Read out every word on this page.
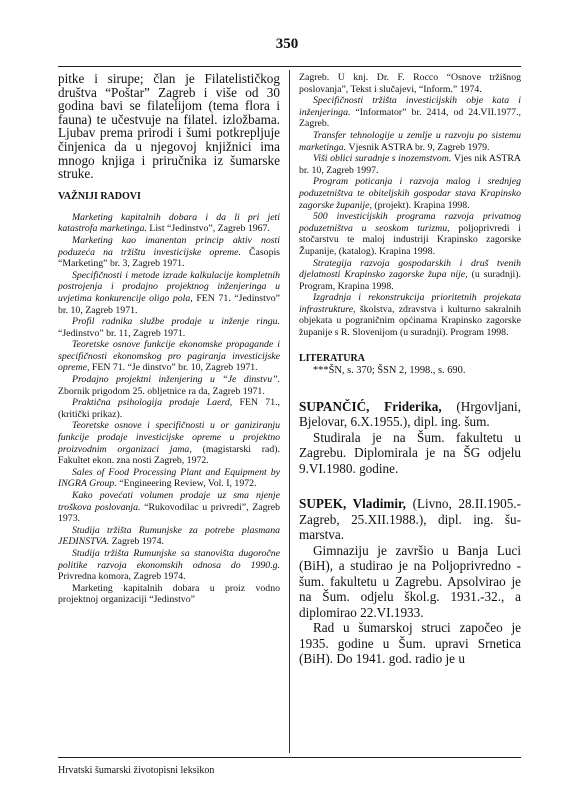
350

pitke i sirupe; član je Filatelističkog društva “Poštar” Zagreb i više od 30 godina bavi se filatelijom (tema flora i fauna) te učestvuje na filatel. izložbama. Ljubav prema prirodi i šumi potkrepljuje činjenica da u njegovoj knjižnici ima mnogo knjiga i priručnika iz šumarske struke.

VAŽNIJI RADOVI

Marketing kapitalnih dobara i da li pri jeti katastrofa marketinga. List “Jedinstvo”, Zagreb 1967.

Marketing kao imanentan princip aktiv nosti poduzeća na tržištu investicijske opreme. Časopis “Marketing” br. 3, Zagreb 1971.

Specifičnosti i metode izrade kalkulacije kompletnih postrojenja i prodajno projektnog inženjeringa u uvjetima konkurencije oligo pola, FEN 71. “Jedinstvo” br. 10, Zagreb 1971.

Profil radnika službe prodaje u inženje ringu. “Jedinstvo” br. 11, Zagreb 1971.

Teoretske osnove funkcije ekonomske propagande i specifičnosti ekonomskog pro pagiranja investicijske opreme, FEN 71. “Je dinstvo” br. 10, Zagreb 1971.

Prodajno projektni inženjering u “Je dinstvu”. Zbornik prigodom 25. obljetnice ra da, Zagreb 1971.

Praktična psihologija prodaje Laerd, FEN 71., (kritički prikaz).

Teoretske osnove i specifičnosti u or ganiziranju funkcije prodaje investicijske opreme u projektno proizvodnim organizaci jama, (magistarski rad). Fakultet ekon. zna nosti Zagreb, 1972.

Sales of Food Processing Plant and Equipment by INGRA Group. “Engineering Review, Vol. I, 1972.

Kako povećati volumen prodaje uz sma njenje troškova poslovanja. “Rukovodilac u privredi”, Zagreb 1973.

Studija tržišta Rumunjske za potrebe plasmana JEDINSTVA. Zagreb 1974.

Studija tržišta Rumunjske sa stanovišta dugoročne politike razvoja ekonomskih odnosa do 1990.g. Privredna komora, Zagreb 1974.

Marketing kapitalnih dobara u proiz vodno projektnoj organizaciji “Jedinstvo”

Zagreb. U knj. Dr. F. Rocco “Osnove tržišnog poslovanja”, Tekst i slučajevi, “Inform.” 1974.

Specifičnosti tržišta investicijskih obje kata i inženjeringa. “Informator” br. 2414, od 24.VII.1977., Zagreb.

Transfer tehnologije u zemlje u razvoju po sistemu marketinga. Vjesnik ASTRA br. 9, Zagreb 1979.

Viši oblici suradnje s inozemstvom. Vjes nik ASTRA br. 10, Zagreb 1997.

Program poticanja i razvoja malog i srednjeg poduzetništva te obiteljskih gospodar stava Krapinsko zagorske županije, (projekt). Krapina 1998.

500 investicijskih programa razvoja privatnog poduzetništva u seoskom turizmu, poljoprivredi i stočarstvu te maloj industriji Krapinsko zagorske Županije, (katalog). Krapina 1998.

Strategija razvoja gospodarskih i druš tvenih djelatnosti Krapinsko zagorske župa nije, (u suradnji). Program, Krapina 1998.

Izgradnja i rekonstrukcija prioritetnih projekata infrastrukture, školstva, zdravstva i kulturno sakralnih objekata u pograničnim općinama Krapinsko zagorske županije s R. Slovenijom (u suradnji). Program 1998.

LITERATURA

***ŠN, s. 370; ŠSN 2, 1998., s. 690.

SUPANČIĆ, Friderika, (Hrgovljani, Bjelovar, 6.X.1955.), dipl. ing. šum.

Studirala je na Šum. fakultetu u Zagrebu. Diplomirala je na ŠG odjelu 9.VI.1980. godine.

SUPEK, Vladimir, (Livno, 28.II.1905.-Zagreb, 25.XII.1988.), dipl. ing. šumarstva.

Gimnaziju je završio u Banja Luci (BiH), a studirao je na Poljoprivredno - šum. fakultetu u Zagrebu. Apsolvirao je na Šum. odjelu škol.g. 1931.-32., a diplomirao 22.VI.1933.

Rad u šumarskoj struci započeo je 1935. godine u Šum. upravi Srnetica (BiH). Do 1941. god. radio je u

Hrvatski šumarski životopisni leksikon
